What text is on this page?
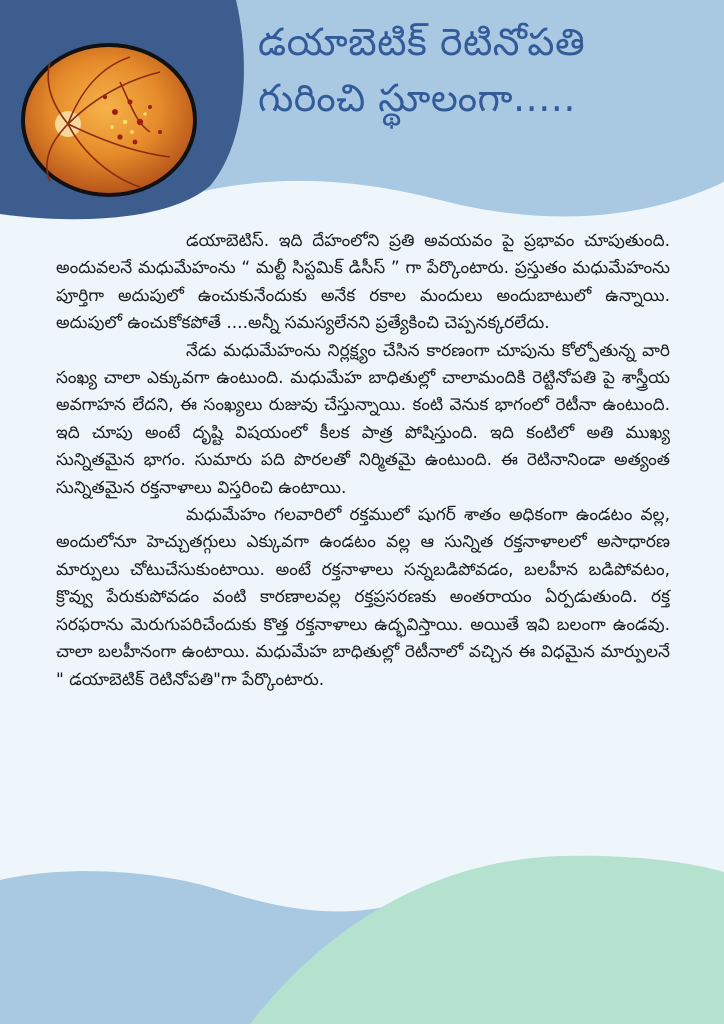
డయాబెటిక్ రెటినోపతి
గురించి స్థూలంగా.....

డయాబెటిస్. ఇది దేహంలోని ప్రతి అవయవం పై ప్రభావం చూపుతుంది. అందువలనే మధుమేహంను “ మల్టీ సిస్టమిక్ డిసీస్ ” గా పేర్కొంటారు. ప్రస్తుతం మధుమేహంను పూర్తిగా అదుపులో ఉంచుకునేందుకు అనేక రకాల మందులు అందుబాటులో ఉన్నాయి. అదుపులో ఉంచుకోకపోతే ....అన్నీ సమస్యలేనని ప్రత్యేకించి చెప్పనక్కరలేదు.

నేడు మధుమేహంను నిర్లక్ష్యం చేసిన కారణంగా చూపును కోల్పోతున్న వారి సంఖ్య చాలా ఎక్కువగా ఉంటుంది. మధుమేహ బాధితుల్లో చాలామందికి రెట్టినోపతి పై శాస్త్రీయ అవగాహన లేదని, ఈ సంఖ్యలు రుజువు చేస్తున్నాయి. కంటి వెనుక భాగంలో రెటీనా ఉంటుంది. ఇది చూపు అంటే దృష్టి విషయంలో కీలక పాత్ర పోషిస్తుంది. ఇది కంటిలో అతి ముఖ్య సున్నితమైన భాగం. సుమారు పది పొరలతో నిర్మితమై ఉంటుంది. ఈ రెటినానిండా అత్యంత సున్నితమైన రక్తనాళాలు విస్తరించి ఉంటాయి.

మధుమేహం గలవారిలో రక్తములో షుగర్ శాతం అధికంగా ఉండటం వల్ల, అందులోనూ హెచ్చుతగ్గులు ఎక్కువగా ఉండటం వల్ల ఆ సున్నిత రక్తనాళాలలో అసాధారణ మార్పులు చోటుచేసుకుంటాయి. అంటే రక్తనాళాలు సన్నబడిపోవడం, బలహీన బడిపోవటం, క్రొవ్వు పేరుకుపోవడం వంటి కారణాలవల్ల రక్తప్రసరణకు అంతరాయం ఏర్పడుతుంది. రక్త సరఫరాను మెరుగుపరిచేందుకు కొత్త రక్తనాళాలు ఉద్భవిస్తాయి. అయితే ఇవి బలంగా ఉండవు. చాలా బలహీనంగా ఉంటాయి. మధుమేహ బాధితుల్లో రెటీనాలో వచ్చిన ఈ విధమైన మార్పులనే " డయాబెటిక్ రెటినోపతి"గా పేర్కొంటారు.
